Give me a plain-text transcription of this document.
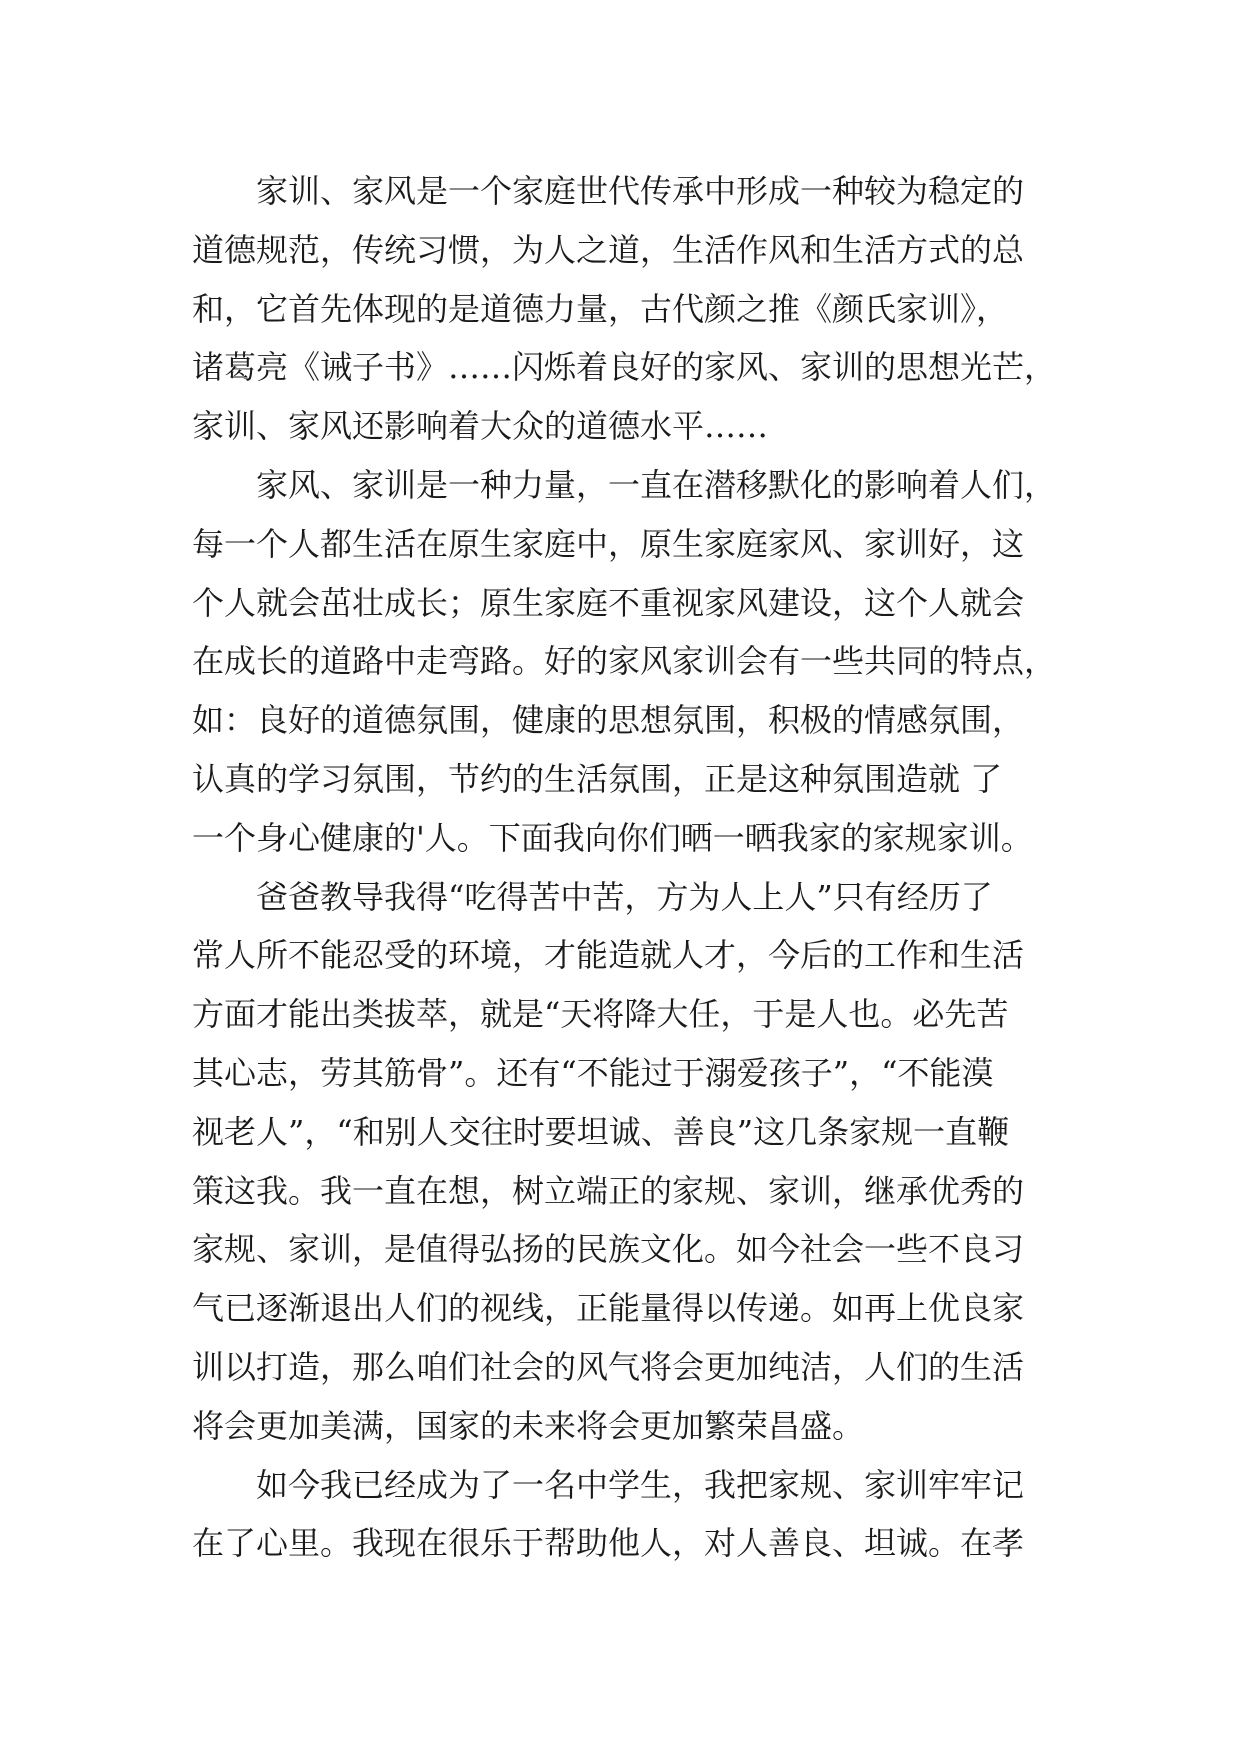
家训、家风是一个家庭世代传承中形成一种较为稳定的
道德规范，传统习惯，为人之道，生活作风和生活方式的总
和，它首先体现的是道德力量，古代颜之推《颜氏家训》，
诸葛亮《诫子书》……闪烁着良好的家风、家训的思想光芒，
家训、家风还影响着大众的道德水平……
家风、家训是一种力量，一直在潜移默化的影响着人们，
每一个人都生活在原生家庭中，原生家庭家风、家训好，这
个人就会茁壮成长；原生家庭不重视家风建设，这个人就会
在成长的道路中走弯路。好的家风家训会有一些共同的特点，
如：良好的道德氛围，健康的思想氛围，积极的情感氛围，
认真的学习氛围，节约的生活氛围，正是这种氛围造就 了
一个身心健康的'人。下面我向你们晒一晒我家的家规家训。
爸爸教导我得“吃得苦中苦，方为人上人”只有经历了
常人所不能忍受的环境，才能造就人才，今后的工作和生活
方面才能出类拔萃，就是“天将降大任，于是人也。必先苦
其心志，劳其筋骨”。还有“不能过于溺爱孩子”，“不能漠
视老人”，“和别人交往时要坦诚、善良”这几条家规一直鞭
策这我。我一直在想，树立端正的家规、家训，继承优秀的
家规、家训，是值得弘扬的民族文化。如今社会一些不良习
气已逐渐退出人们的视线，正能量得以传递。如再上优良家
训以打造，那么咱们社会的风气将会更加纯洁，人们的生活
将会更加美满，国家的未来将会更加繁荣昌盛。
如今我已经成为了一名中学生，我把家规、家训牢牢记
在了心里。我现在很乐于帮助他人，对人善良、坦诚。在孝
